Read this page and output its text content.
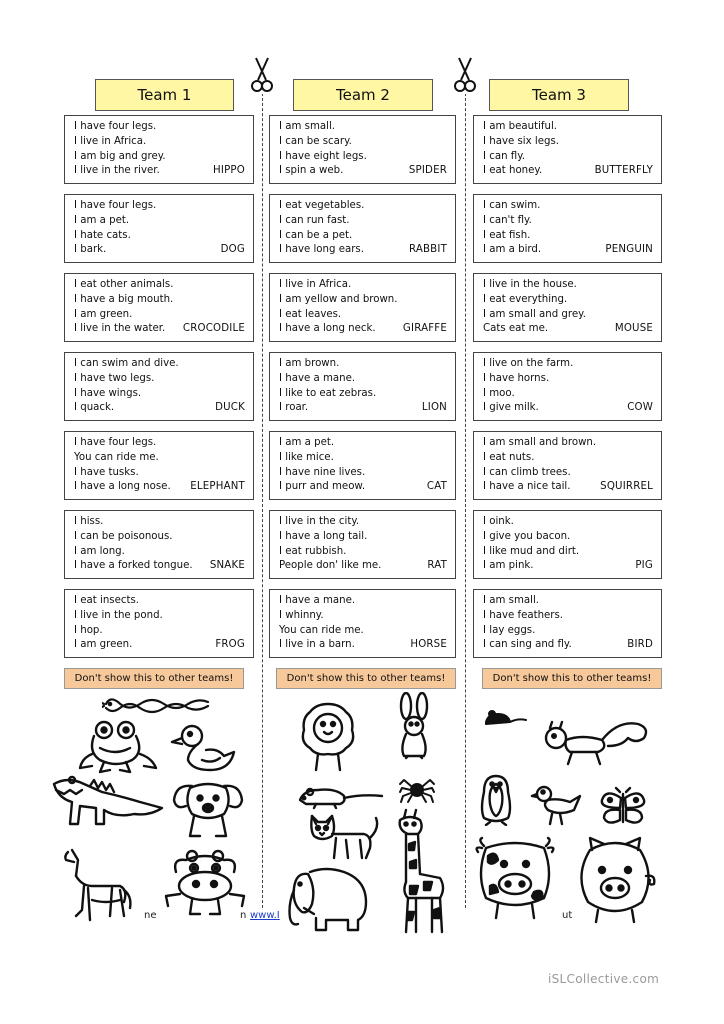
Team 1	Team 2	Team 3
I have four legs.
I live in Africa.
I am big and grey.
I live in the river.	HIPPO
I have four legs.
I am a pet.
I hate cats.
I bark.	DOG
I eat other animals.
I have a big mouth.
I am green.
I live in the water. CROCODILE
I can swim and dive.
I have two legs.
I have wings.
I quack.	DUCK
I have four legs.
You can ride me.
I have tusks.
I have a long nose. ELEPHANT
I hiss.
I can be poisonous.
I am long.
I have a forked tongue. SNAKE
I eat insects.
I live in the pond.
I hop.
I am green.	FROG
I am small.
I can be scary.
I have eight legs.
I spin a web.	SPIDER
I eat vegetables.
I can run fast.
I can be a pet.
I have long ears.	RABBIT
I live in Africa.
I am yellow and brown.
I eat leaves.
I have a long neck.	GIRAFFE
I am brown.
I have a mane.
I like to eat zebras.
I roar.	LION
I am a pet.
I like mice.
I have nine lives.
I purr and meow.	CAT
I live in the city.
I have a long tail.
I eat rubbish.
People don' like me.	RAT
I have a mane.
I whinny.
You can ride me.
I live in a barn.	HORSE
I am beautiful.
I have six legs.
I can fly.
I eat honey.	BUTTERFLY
I can swim.
I can't fly.
I eat fish.
I am a bird.	PENGUIN
I live in the house.
I eat everything.
I am small and grey.
Cats eat me.	MOUSE
I live on the farm.
I have horns.
I moo.
I give milk.	COW
I am small and brown.
I eat nuts.
I can climb trees.
I have a nice tail.	SQUIRREL
I oink.
I give you bacon.
I like mud and dirt.
I am pink.	PIG
I am small.
I have feathers.
I lay eggs.
I can sing and fly.	BIRD
Don't show this to other teams!	Don't show this to other teams!	Don't show this to other teams!
ne	n www.I	ut
iSLCollective.com
